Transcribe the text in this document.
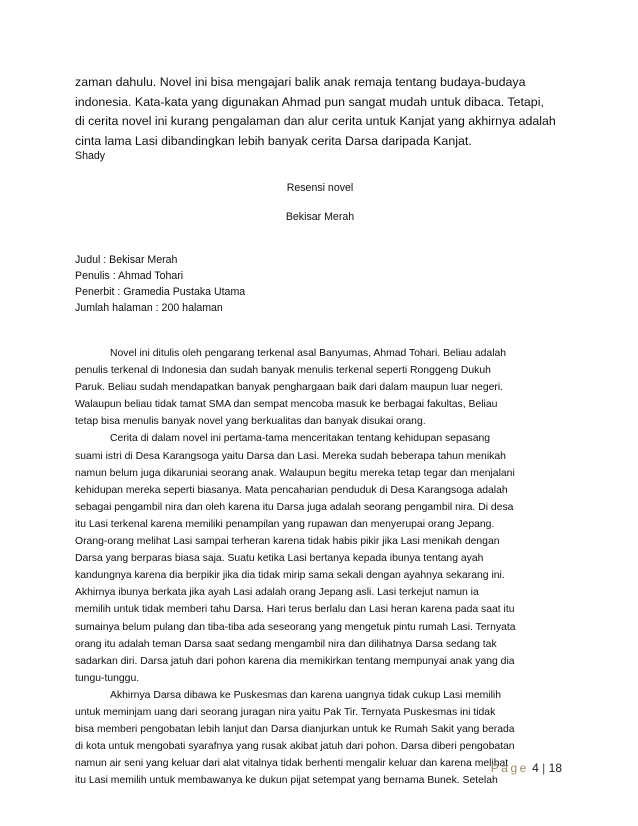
zaman dahulu. Novel ini bisa mengajari balik anak remaja tentang budaya-budaya
indonesia. Kata-kata yang digunakan Ahmad pun sangat mudah untuk dibaca. Tetapi,
di cerita novel ini kurang pengalaman dan alur cerita untuk Kanjat yang akhirnya adalah
cinta lama Lasi dibandingkan lebih banyak cerita Darsa daripada Kanjat.
Shady
Resensi novel
Bekisar Merah
Judul : Bekisar Merah
Penulis : Ahmad Tohari
Penerbit : Gramedia Pustaka Utama
Jumlah halaman : 200 halaman
Novel ini ditulis oleh pengarang terkenal asal Banyumas, Ahmad Tohari. Beliau adalah
penulis terkenal di Indonesia dan sudah banyak menulis terkenal seperti Ronggeng Dukuh
Paruk. Beliau sudah mendapatkan banyak penghargaan baik dari dalam maupun luar negeri.
Walaupun beliau tidak tamat SMA dan sempat mencoba masuk ke berbagai fakultas, Beliau
tetap bisa menulis banyak novel yang berkualitas dan banyak disukai orang.
Cerita di dalam novel ini pertama-tama menceritakan tentang kehidupan sepasang
suami istri di Desa Karangsoga yaitu Darsa dan Lasi. Mereka sudah beberapa tahun menikah
namun belum juga dikaruniai seorang anak. Walaupun begitu mereka tetap tegar dan menjalani
kehidupan mereka seperti biasanya. Mata pencaharian penduduk di Desa Karangsoga adalah
sebagai pengambil nira dan oleh karena itu Darsa juga adalah seorang pengambil nira. Di desa
itu Lasi terkenal karena memiliki penampilan yang rupawan dan menyerupai orang Jepang.
Orang-orang melihat Lasi sampai terheran karena tidak habis pikir jika Lasi menikah dengan
Darsa yang berparas biasa saja. Suatu ketika Lasi bertanya kepada ibunya tentang ayah
kandungnya karena dia berpikir jika dia tidak mirip sama sekali dengan ayahnya sekarang ini.
Akhirnya ibunya berkata jika ayah Lasi adalah orang Jepang asli. Lasi terkejut namun ia
memilih untuk tidak memberi tahu Darsa. Hari terus berlalu dan Lasi heran karena pada saat itu
sumainya belum pulang dan tiba-tiba ada seseorang yang mengetuk pintu rumah Lasi. Ternyata
orang itu adalah teman Darsa saat sedang mengambil nira dan dilihatnya Darsa sedang tak
sadarkan diri. Darsa jatuh dari pohon karena dia memikirkan tentang mempunyai anak yang dia
tungu-tunggu.
Akhirnya Darsa dibawa ke Puskesmas dan karena uangnya tidak cukup Lasi memilih
untuk meminjam uang dari seorang juragan nira yaitu Pak Tir. Ternyata Puskesmas ini tidak
bisa memberi pengobatan lebih lanjut dan Darsa dianjurkan untuk ke Rumah Sakit yang berada
di kota untuk mengobati syarafnya yang rusak akibat jatuh dari pohon. Darsa diberi pengobatan
namun air seni yang keluar dari alat vitalnya tidak berhenti mengalir keluar dan karena melihat
itu Lasi memilih untuk membawanya ke dukun pijat setempat yang bernama Bunek. Setelah
Page 4 | 18
